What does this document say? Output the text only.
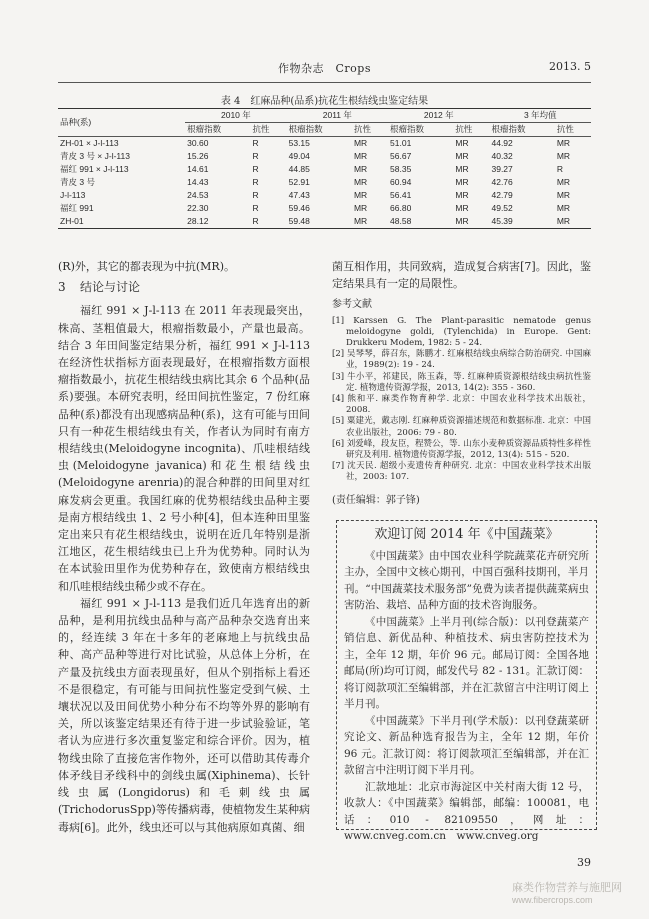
作物杂志　Crops	2013. 5
表 4　红麻品种(品系)抗花生根结线虫鉴定结果
品种(系)	2010 年		2011 年		2012 年		3 年均值	
	根瘤指数	抗性	根瘤指数	抗性	根瘤指数	抗性	根瘤指数	抗性
ZH-01 × J-l-113	30.60	R	53.15	MR	51.01	MR	44.92	MR
青皮 3 号 × J-l-113	15.26	R	49.04	MR	56.67	MR	40.32	MR
福红 991 × J-l-113	14.61	R	44.85	MR	58.35	MR	39.27	R
青皮 3 号	14.43	R	52.91	MR	60.94	MR	42.76	MR
J-l-113	24.53	R	47.43	MR	56.41	MR	42.79	MR
福红 991	22.30	R	59.46	MR	66.80	MR	49.52	MR
ZH-01	28.12	R	59.48	MR	48.58	MR	45.39	MR

(R)外，其它的都表现为中抗(MR)。

3 结论与讨论

福红 991 × J-l-113 在 2011 年表现最突出，株高、茎粗值最大，根瘤指数最小，产量也最高。结合 3 年田间鉴定结果分析，福红 991 × J-l-113 在经济性状指标方面表现最好，在根瘤指数方面根瘤指数最小，抗花生根结线虫病比其余 6 个品种(品系)要强。本研究表明，经田间抗性鉴定，7 份红麻品种(系)都没有出现感病品种(系)，这有可能与田间只有一种花生根结线虫有关，作者认为同时有南方根结线虫(Meloidogyne incognita)、爪哇根结线虫(Meloidogyne javanica)和花生根结线虫(Meloidogyne arenria)的混合种群的田间里对红麻发病会更重。我国红麻的优势根结线虫品种主要是南方根结线虫 1、2 号小种[4]，但本连种田里鉴定出来只有花生根结线虫，说明在近几年特别是浙江地区，花生根结线虫已上升为优势种。同时认为在本试验田里作为优势种存在，致使南方根结线虫和爪哇根结线虫稀少或不存在。

福红 991 × J-l-113 是我们近几年选育出的新品种，是利用抗线虫品种与高产品种杂交选育出来的，经连续 3 年在十多年的老麻地上与抗线虫品种、高产品种等进行对比试验，从总体上分析，在产量及抗线虫方面表现虽好，但从个别指标上看还不是很稳定，有可能与田间抗性鉴定受到气候、土壤状况以及田间优势小种分布不均等外界的影响有关，所以该鉴定结果还有待于进一步试验验证，笔者认为应进行多次重复鉴定和综合评价。因为，植物线虫除了直接危害作物外，还可以借助其传毒介体矛线目矛线科中的剑线虫属(Xiphinema)、长针线虫属(Longidorus)和毛刺线虫属(TrichodorusSpp)等传播病毒，使植物发生某种病毒病[6]。此外，线虫还可以与其他病原如真菌、细

菌互相作用，共同致病，造成复合病害[7]。因此，鉴定结果具有一定的局限性。

参考文献

[1] Karssen G. The Plant-parasitic nematode genus meloidogyne goldi, (Tylenchida) in Europe. Gent: Drukkeru Modem, 1982: 5 - 24.

[2] 吴琴琴，薛召东，陈鹏才. 红麻根结线虫病综合防治研究. 中国麻业，1989(2): 19 - 24.

[3] 牛小平，祁建民，陈玉森，等. 红麻种质资源根结线虫病抗性鉴定. 植物遗传资源学报，2013, 14(2): 355 - 360.

[4] 熊和平. 麻类作物育种学. 北京：中国农业科学技术出版社，2008.

[5] 粟建光，戴志刚. 红麻种质资源描述规范和数据标准. 北京：中国农业出版社，2006: 79 - 80.

[6] 刘爱峰，段友臣，程赞公，等. 山东小麦种质资源品质特性多样性研究及利用. 植物遗传资源学报，2012, 13(4): 515 - 520.

[7] 沈天民. 超级小麦遗传育种研究. 北京：中国农业科学技术出版社，2003: 107.

(责任编辑：郭子锋)

欢迎订阅 2014 年《中国蔬菜》

《中国蔬菜》由中国农业科学院蔬菜花卉研究所主办，全国中文核心期刊，中国百强科技期刊，半月刊。“中国蔬菜技术服务部”免费为读者提供蔬菜病虫害防治、栽培、品种方面的技术咨询服务。

《中国蔬菜》上半月刊(综合版)：以刊登蔬菜产销信息、新优品种、种植技术、病虫害防控技术为主，全年 12 期，年价 96 元。邮局订阅：全国各地邮局(所)均可订阅，邮发代号 82 - 131。汇款订阅：将订阅款项汇至编辑部，并在汇款留言中注明订阅上半月刊。

《中国蔬菜》下半月刊(学术版)：以刊登蔬菜研究论文、新品种选育报告为主，全年 12 期，年价 96 元。汇款订阅：将订阅款项汇至编辑部，并在汇款留言中注明订阅下半月刊。

汇款地址：北京市海淀区中关村南大街 12 号，收款人：《中国蔬菜》编辑部，邮编：100081，电话：010 - 82109550，网址：www.cnveg.com.cn　www.cnveg.org

39
麻类作物营养与施肥网
www.fibercrops.com
